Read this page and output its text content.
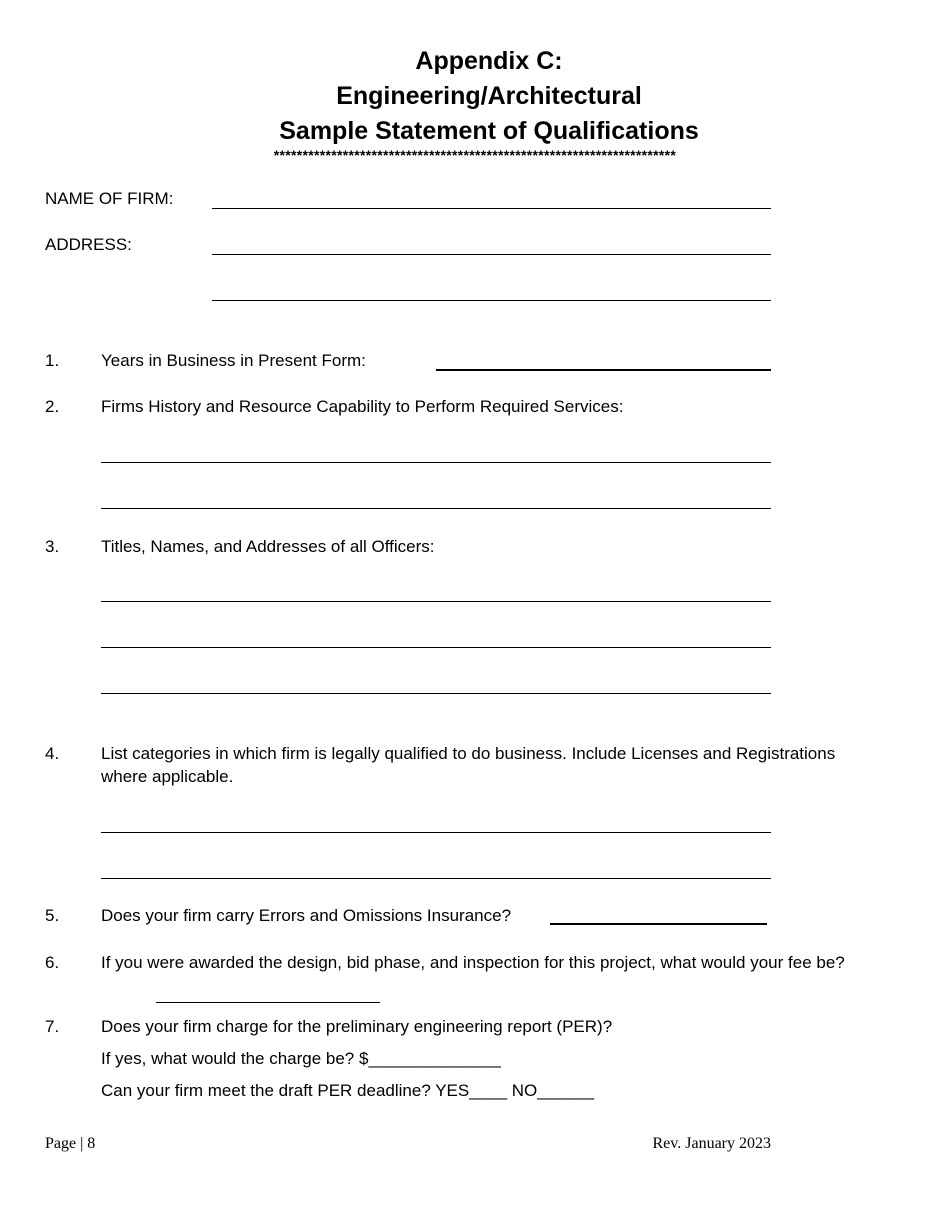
Appendix C:
Engineering/Architectural
Sample Statement of Qualifications
**********************************************************************
NAME OF FIRM:
ADDRESS:
1. Years in Business in Present Form:
2. Firms History and Resource Capability to Perform Required Services:
3. Titles, Names, and Addresses of all Officers:
4. List categories in which firm is legally qualified to do business. Include Licenses and Registrations
where applicable.
5. Does your firm carry Errors and Omissions Insurance?
6. If you were awarded the design, bid phase, and inspection for this project, what would your fee be?
7. Does your firm charge for the preliminary engineering report (PER)?
If yes, what would the charge be? $______________
Can your firm meet the draft PER deadline? YES____ NO______
Page | 8	Rev. January 2023
